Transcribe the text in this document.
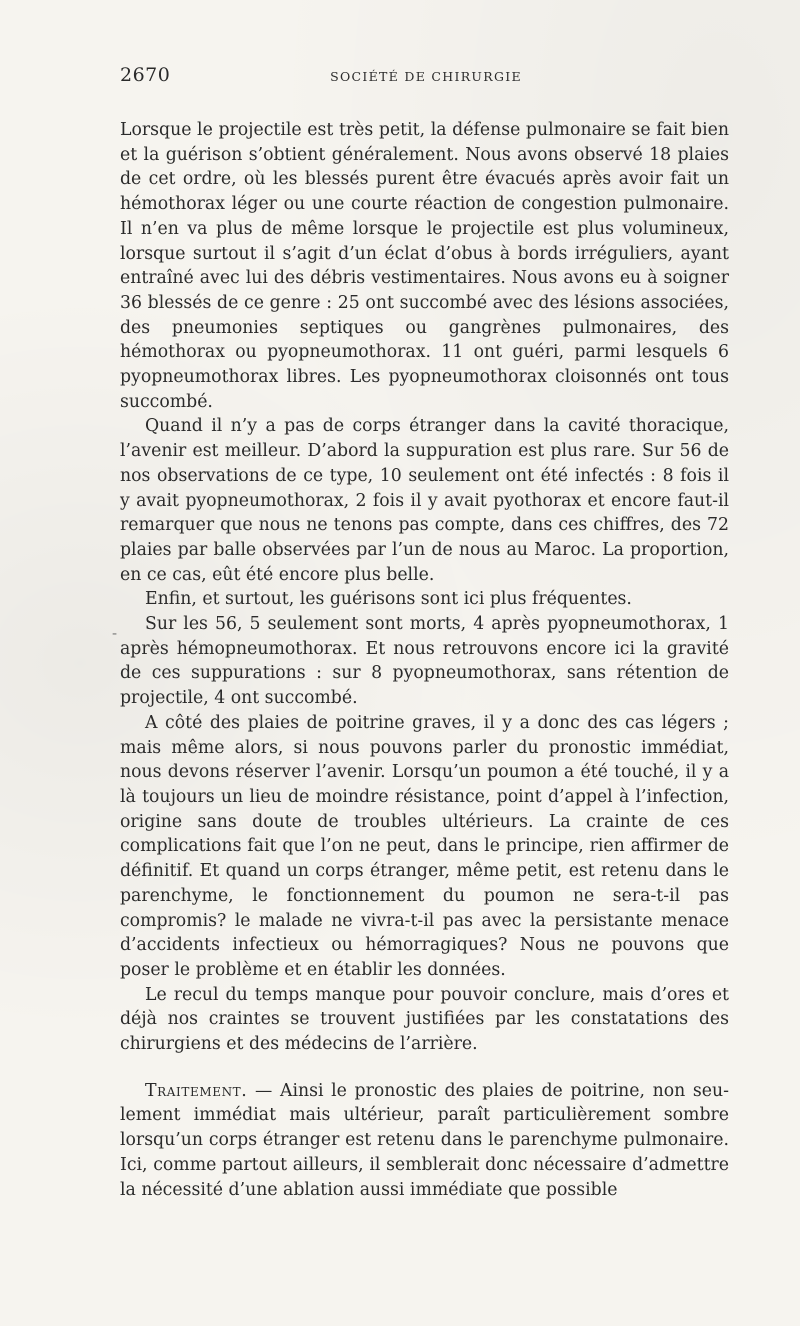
2670	SOCIÉTÉ DE CHIRURGIE
-

Lorsque le projectile est très petit, la défense pulmonaire se fait bien et la guérison s’obtient généralement. Nous avons observé 18 plaies de cet ordre, où les blessés purent être évacués après avoir fait un hémothorax léger ou une courte réaction de congestion pulmonaire. Il n’en va plus de même lorsque le projectile est plus volumineux, lorsque surtout il s’agit d’un éclat d’obus à bords irréguliers, ayant entraîné avec lui des débris vestimentaires. Nous avons eu à soigner 36 blessés de ce genre : 25 ont succombé avec des lésions associées, des pneumonies septiques ou gangrènes pulmonaires, des hémothorax ou pyopneumothorax. 11 ont guéri, parmi lesquels 6 pyopneumothorax libres. Les pyopneumothorax cloisonnés ont tous succombé.

Quand il n’y a pas de corps étranger dans la cavité thoracique, l’avenir est meilleur. D’abord la suppuration est plus rare. Sur 56 de nos observations de ce type, 10 seulement ont été infectés : 8 fois il y avait pyopneumothorax, 2 fois il y avait pyothorax et encore faut-il remarquer que nous ne tenons pas compte, dans ces chiffres, des 72 plaies par balle observées par l’un de nous au Maroc. La proportion, en ce cas, eût été encore plus belle.

Enfin, et surtout, les guérisons sont ici plus fréquentes.

Sur les 56, 5 seulement sont morts, 4 après pyopneumothorax, 1 après hémopneumothorax. Et nous retrouvons encore ici la gravité de ces suppurations : sur 8 pyopneumothorax, sans rétention de projectile, 4 ont succombé.

A côté des plaies de poitrine graves, il y a donc des cas légers ; mais même alors, si nous pouvons parler du pronostic immédiat, nous devons réserver l’avenir. Lorsqu’un poumon a été touché, il y a là toujours un lieu de moindre résistance, point d’appel à l’infection, origine sans doute de troubles ultérieurs. La crainte de ces complications fait que l’on ne peut, dans le principe, rien affirmer de définitif. Et quand un corps étranger, même petit, est retenu dans le parenchyme, le fonctionnement du poumon ne sera-t-il pas compromis? le malade ne vivra-t-il pas avec la persistante menace d’accidents infectieux ou hémorragiques? Nous ne pouvons que poser le problème et en établir les données.

Le recul du temps manque pour pouvoir conclure, mais d’ores et déjà nos craintes se trouvent justifiées par les constatations des chirurgiens et des médecins de l’arrière.

Traitement. — Ainsi le pronostic des plaies de poitrine, non seulement immédiat mais ultérieur, paraît particulièrement sombre lorsqu’un corps étranger est retenu dans le parenchyme pulmonaire. Ici, comme partout ailleurs, il semblerait donc nécessaire d’admettre la nécessité d’une ablation aussi immédiate que possible
